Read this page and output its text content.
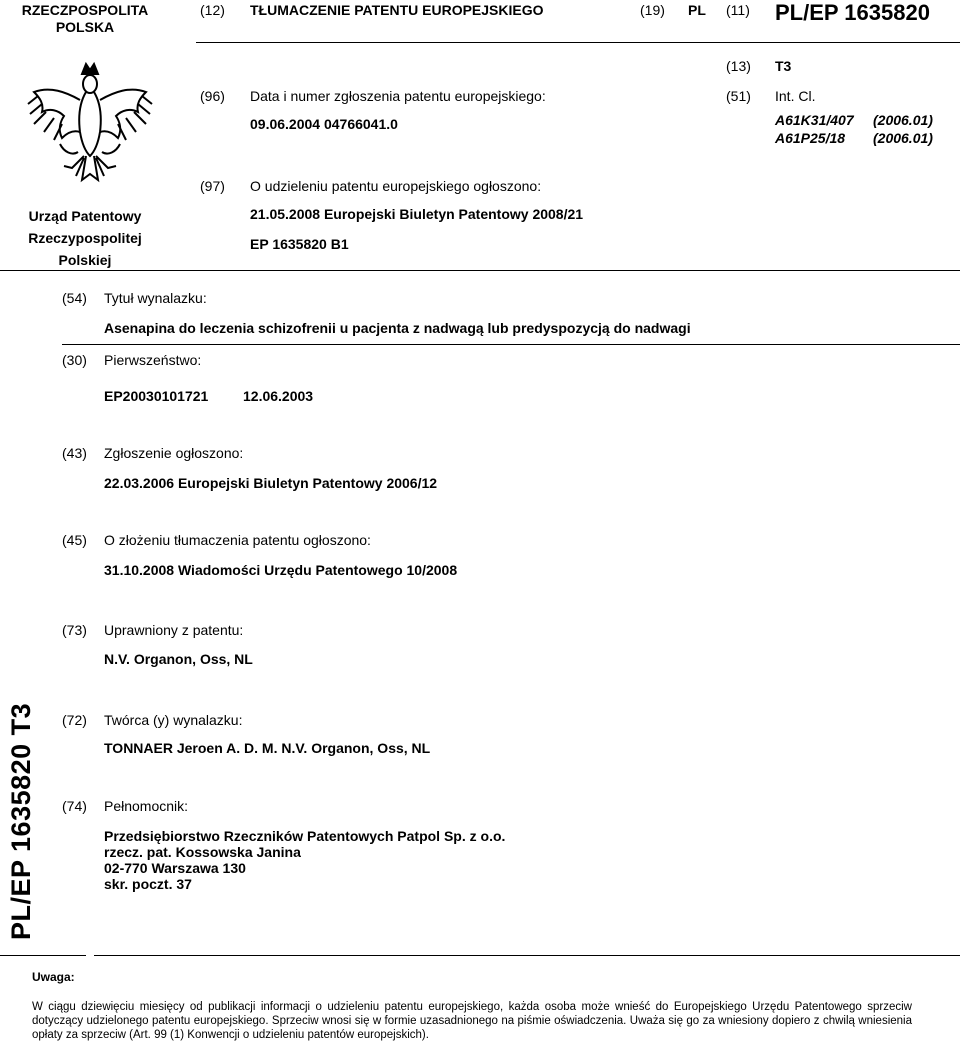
RZECZPOSPOLITA
POLSKA
(12) TŁUMACZENIE PATENTU EUROPEJSKIEGO	(19) PL (11) PL/EP 1635820
(13) T3
Urząd Patentowy
Rzeczypospolitej
Polskiej
(96) Data i numer zgłoszenia patentu europejskiego:
09.06.2004 04766041.0
(51) Int. Cl.
A61K31/407 (2006.01)
A61P25/18 (2006.01)
(97) O udzieleniu patentu europejskiego ogłoszono:
21.05.2008 Europejski Biuletyn Patentowy 2008/21
EP 1635820 B1
(54) Tytuł wynalazku:
Asenapina do leczenia schizofrenii u pacjenta z nadwagą lub predyspozycją do nadwagi
(30) Pierwszeństwo:
EP20030101721 12.06.2003
(43) Zgłoszenie ogłoszono:
22.03.2006 Europejski Biuletyn Patentowy 2006/12
(45) O złożeniu tłumaczenia patentu ogłoszono:
31.10.2008 Wiadomości Urzędu Patentowego 10/2008
(73) Uprawniony z patentu:
N.V. Organon, Oss, NL
(72) Twórca (y) wynalazku:
TONNAER Jeroen A. D. M. N.V. Organon, Oss, NL
(74) Pełnomocnik:
Przedsiębiorstwo Rzeczników Patentowych Patpol Sp. z o.o.
rzecz. pat. Kossowska Janina
02-770 Warszawa 130
skr. poczt. 37
PL/EP 1635820 T3
Uwaga:
W ciągu dziewięciu miesięcy od publikacji informacji o udzieleniu patentu europejskiego, każda osoba może wnieść do Europejskiego Urzędu Patentowego sprzeciw dotyczący udzielonego patentu europejskiego. Sprzeciw wnosi się w formie uzasadnionego na piśmie oświadczenia. Uważa się go za wniesiony dopiero z chwilą wniesienia opłaty za sprzeciw (Art. 99 (1) Konwencji o udzieleniu patentów europejskich).
